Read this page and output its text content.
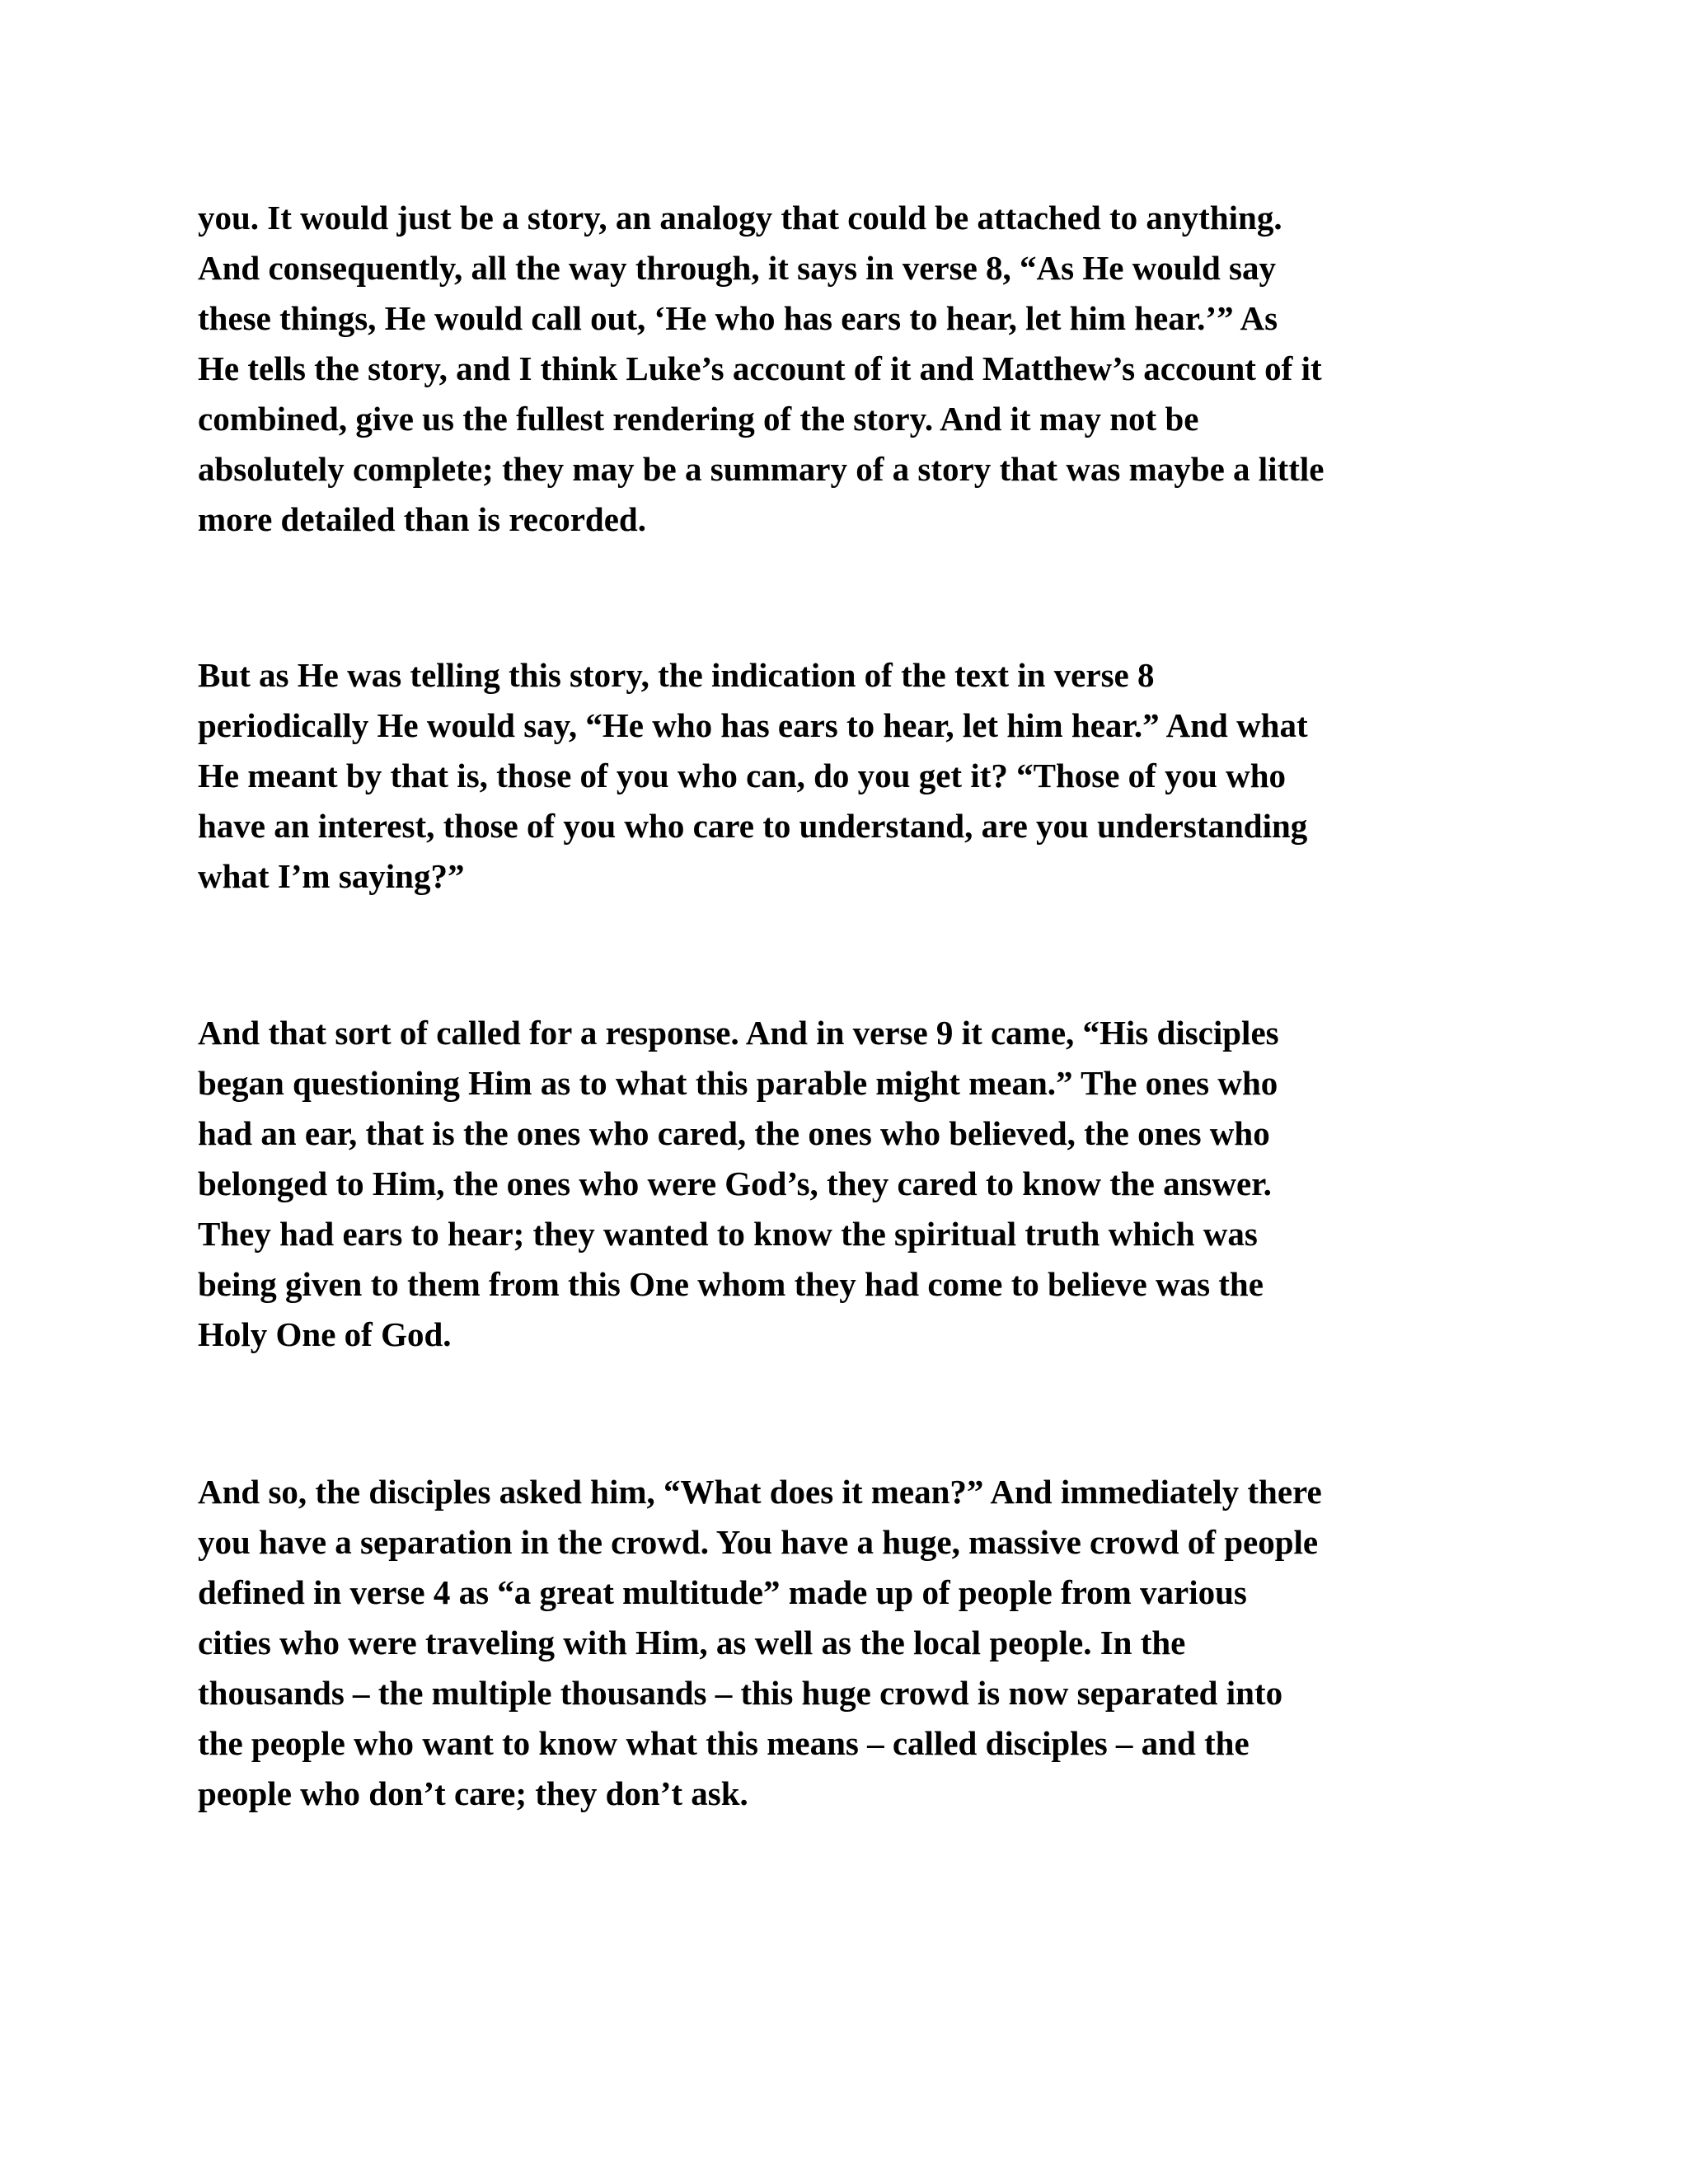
you. It would just be a story, an analogy that could be attached to anything.
And consequently, all the way through, it says in verse 8, “As He would say
these things, He would call out, ‘He who has ears to hear, let him hear.’” As
He tells the story, and I think Luke’s account of it and Matthew’s account of it
combined, give us the fullest rendering of the story. And it may not be
absolutely complete; they may be a summary of a story that was maybe a little
more detailed than is recorded.
But as He was telling this story, the indication of the text in verse 8
periodically He would say, “He who has ears to hear, let him hear.” And what
He meant by that is, those of you who can, do you get it? “Those of you who
have an interest, those of you who care to understand, are you understanding
what I’m saying?”
And that sort of called for a response. And in verse 9 it came, “His disciples
began questioning Him as to what this parable might mean.” The ones who
had an ear, that is the ones who cared, the ones who believed, the ones who
belonged to Him, the ones who were God’s, they cared to know the answer.
They had ears to hear; they wanted to know the spiritual truth which was
being given to them from this One whom they had come to believe was the
Holy One of God.
And so, the disciples asked him, “What does it mean?” And immediately there
you have a separation in the crowd. You have a huge, massive crowd of people
defined in verse 4 as “a great multitude” made up of people from various
cities who were traveling with Him, as well as the local people. In the
thousands – the multiple thousands – this huge crowd is now separated into
the people who want to know what this means – called disciples – and the
people who don’t care; they don’t ask.
